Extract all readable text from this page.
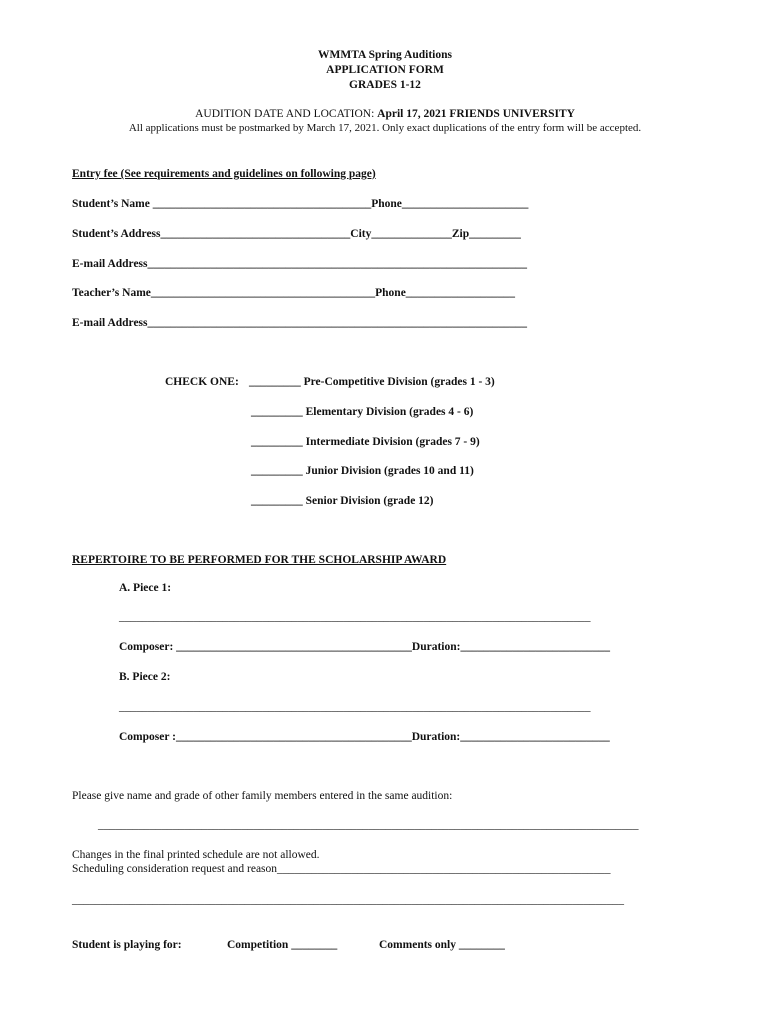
WMMTA Spring Auditions
APPLICATION FORM
GRADES 1-12
AUDITION DATE AND LOCATION: April 17, 2021 FRIENDS UNIVERSITY
All applications must be postmarked by March 17, 2021. Only exact duplications of the entry form will be accepted.
Entry fee (See requirements and guidelines on following page)
Student’s Name ______________________________________Phone______________________
Student’s Address_________________________________City______________Zip_________
E-mail Address__________________________________________________________________
Teacher’s Name_______________________________________Phone___________________
E-mail Address__________________________________________________________________
CHECK ONE: _________ Pre-Competitive Division (grades 1 - 3)
_________ Elementary Division (grades 4 - 6)
_________ Intermediate Division (grades 7 - 9)
_________ Junior Division (grades 10 and 11)
_________ Senior Division (grade 12)
REPERTOIRE TO BE PERFORMED FOR THE SCHOLARSHIP AWARD
A. Piece 1:
__________________________________________________________________________________
Composer: _________________________________________Duration:__________________________
B. Piece 2:
__________________________________________________________________________________
Composer :_________________________________________Duration:__________________________
Please give name and grade of other family members entered in the same audition:
______________________________________________________________________________________________
Changes in the final printed schedule are not allowed.
Scheduling consideration request and reason__________________________________________________________
________________________________________________________________________________________________
Student is playing for:	Competition ________	Comments only ________
